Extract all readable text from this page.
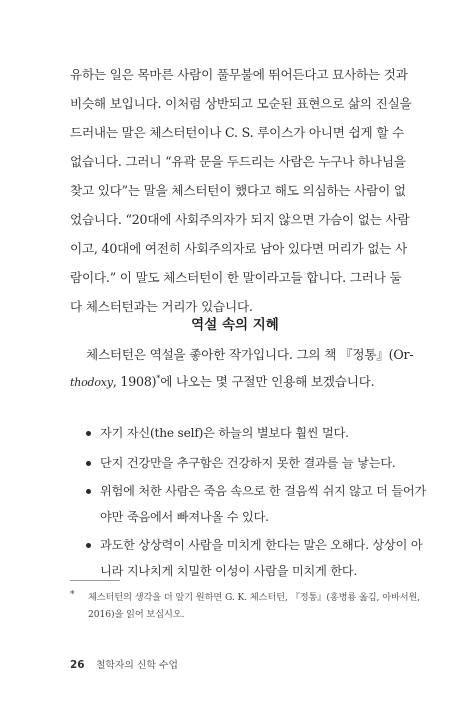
유하는 일은 목마른 사람이 풀무불에 뛰어든다고 묘사하는 것과
비슷해 보입니다. 이처럼 상반되고 모순된 표현으로 삶의 진실을
드러내는 말은 체스터턴이나 C. S. 루이스가 아니면 쉽게 할 수
없습니다. 그러니 “유곽 문을 두드리는 사람은 누구나 하나님을
찾고 있다”는 말을 체스터턴이 했다고 해도 의심하는 사람이 없
었습니다. “20대에 사회주의자가 되지 않으면 가슴이 없는 사람
이고, 40대에 여전히 사회주의자로 남아 있다면 머리가 없는 사
람이다.” 이 말도 체스터턴이 한 말이라고들 합니다. 그러나 둘
다 체스터턴과는 거리가 있습니다.

역설 속의 지혜

체스터턴은 역설을 좋아한 작가입니다. 그의 책 『정통』(Or-
thodoxy, 1908)*에 나오는 몇 구절만 인용해 보겠습니다.

자기 자신(the self)은 하늘의 별보다 훨씬 멀다.
단지 건강만을 추구함은 건강하지 못한 결과를 늘 낳는다.
위험에 처한 사람은 죽음 속으로 한 걸음씩 쉬지 않고 더 들어가
야만 죽음에서 빠져나올 수 있다.
과도한 상상력이 사람을 미치게 한다는 말은 오해다. 상상이 아
니라 지나치게 치밀한 이성이 사람을 미치게 한다.
*	체스터턴의 생각을 더 알기 원하면 G. K. 체스터턴, 『정통』(홍병룡 옮김, 아바서원,
2016)을 읽어 보십시오.
26 철학자의 신학 수업
